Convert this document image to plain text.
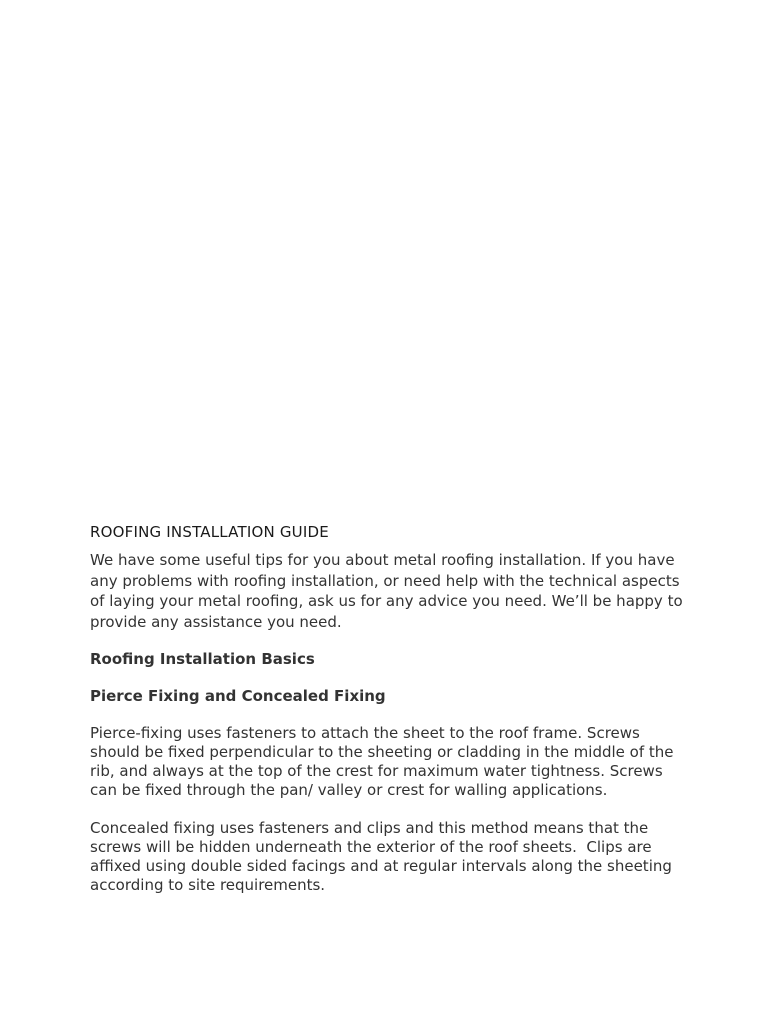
ROOFING INSTALLATION GUIDE

We have some useful tips for you about metal roofing installation. If you have any problems with roofing installation, or need help with the technical aspects of laying your metal roofing, ask us for any advice you need. We’ll be happy to provide any assistance you need.

Roofing Installation Basics
Pierce Fixing and Concealed Fixing

Pierce-fixing uses fasteners to attach the sheet to the roof frame. Screws should be fixed perpendicular to the sheeting or cladding in the middle of the rib, and always at the top of the crest for maximum water tightness. Screws can be fixed through the pan/ valley or crest for walling applications.

Concealed fixing uses fasteners and clips and this method means that the screws will be hidden underneath the exterior of the roof sheets.  Clips are affixed using double sided facings and at regular intervals along the sheeting according to site requirements.
